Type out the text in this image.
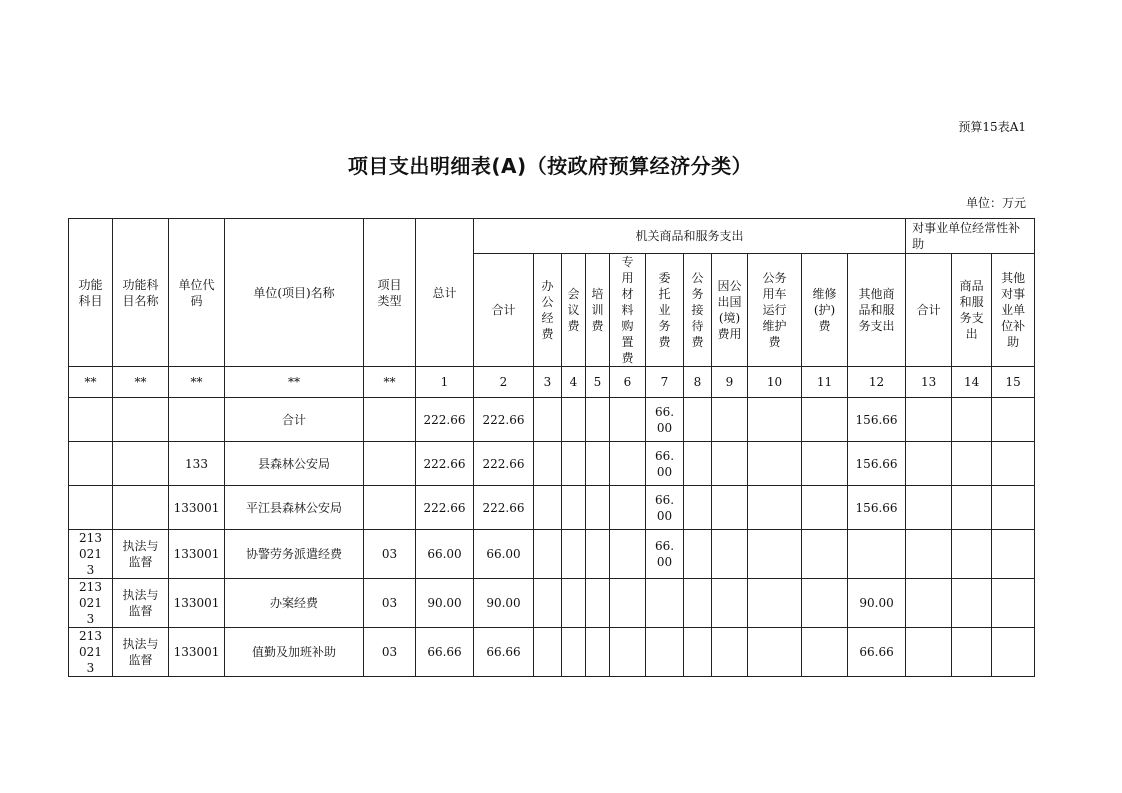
预算15表A1
项目支出明细表(A)（按政府预算经济分类）
单位：万元
功能科目	功能科目名称	单位代码	单位(项目)名称	项目类型	总计	机关商品和服务支出											对事业单位经常性补助		
						合计	办公经费	会议费	培训费	专用材料购置费	委托业务费	公务接待费	因公出国(境)费用	公务用车运行维护费	维修(护)费	其他商品和服务支出	合计	商品和服务支出	其他对事业单位补助
**	**	**	**	**	1	2	3	4	5	6	7	8	9	10	11	12	13	14	15
			合计		222.66	222.66					66.00					156.66			
		133	县森林公安局		222.66	222.66					66.00					156.66			
		133001	平江县森林公安局		222.66	222.66					66.00					156.66			
2130213	执法与监督	133001	协警劳务派遣经费	03	66.00	66.00					66.00								
2130213	执法与监督	133001	办案经费	03	90.00	90.00										90.00			
2130213	执法与监督	133001	值勤及加班补助	03	66.66	66.66										66.66			
